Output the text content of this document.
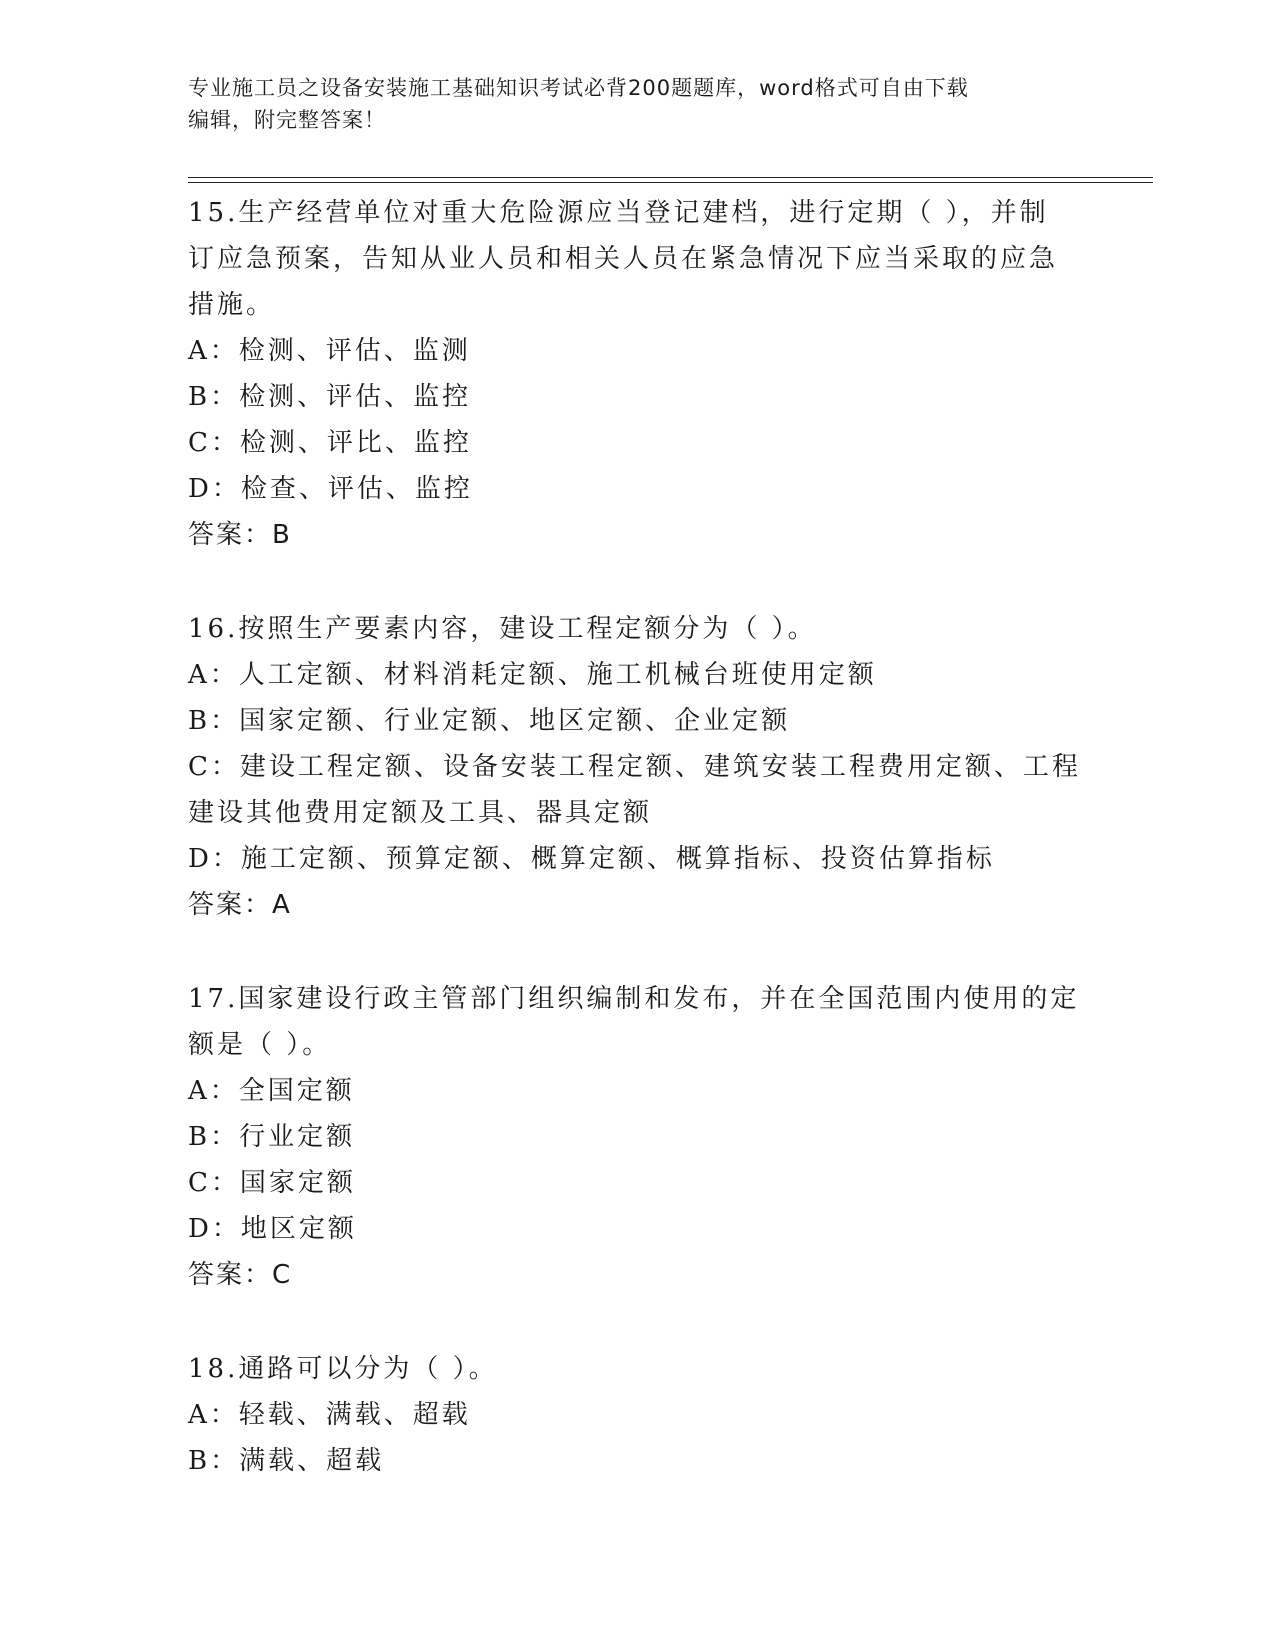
专业施工员之设备安装施工基础知识考试必背200题题库，word格式可自由下载
编辑，附完整答案！

15.生产经营单位对重大危险源应当登记建档，进行定期（ ），并制

订应急预案，告知从业人员和相关人员在紧急情况下应当采取的应急

措施。

A：检测、评估、监测

B：检测、评估、监控

C：检测、评比、监控

D：检查、评估、监控

答案：B

16.按照生产要素内容，建设工程定额分为（ ）。

A：人工定额、材料消耗定额、施工机械台班使用定额

B：国家定额、行业定额、地区定额、企业定额

C：建设工程定额、设备安装工程定额、建筑安装工程费用定额、工程

建设其他费用定额及工具、器具定额

D：施工定额、预算定额、概算定额、概算指标、投资估算指标

答案：A

17.国家建设行政主管部门组织编制和发布，并在全国范围内使用的定

额是（ ）。

A：全国定额

B：行业定额

C：国家定额

D：地区定额

答案：C

18.通路可以分为（ ）。

A：轻载、满载、超载

B：满载、超载
